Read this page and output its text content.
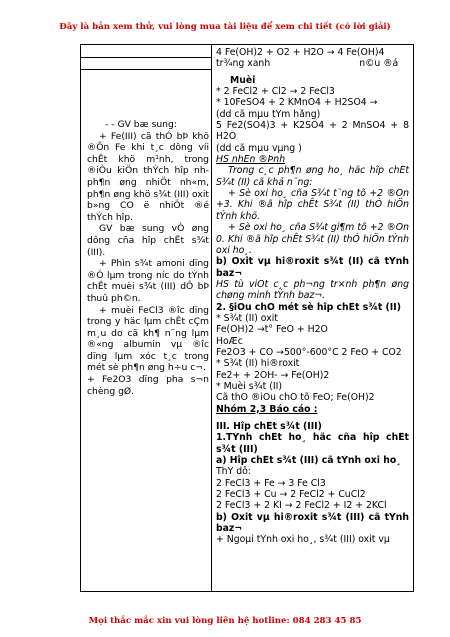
Đây là bản xem thử, vui lòng mua tài liệu để xem chi tiết (có lời giải)

- - GV bæ sung:

+ Fe(III) cã thÓ bÞ khö ®Õn Fe khi t¸c dông víi chÊt khö m¹nh, trong ®iÒu kiÖn thÝch hîp nh ph¶n øng nhiÖt nh«m, ph¶n øng khö s¾t (III) oxit b»ng CO ë nhiÖt ®é thÝch hîp.

GV bæ sung vÒ øng dông cña hîp chÊt s¾t (III).

+ Phìn s¾t amoni dïng ®Ó lµm trong níc do tÝnh chÊt muèi s¾t (III) dÔ bÞ thuû ph©n.

+ muèi FeCl3 ®îc dïng trong y häc lµm chÊt cÇm m¸u do cã kh¶ n¨ng lµm ®«ng albumin vµ ®îc dïng lµm xóc t¸c trong mét sè ph¶n øng h÷u c¬.

+ Fe2O3 dïng pha s¬n chèng gØ.

4 Fe(OH)2 + O2 + H2O → 4 Fe(OH)4
tr¾ng xanh	n©u ®á
Muèi
* 2 FeCl2 + Cl2 → 2 FeCl3
* 10FeSO4 + 2 KMnO4 + H2SO4 →
(dd cã mµu tÝm hång)
5 Fe2(SO4)3 + K2SO4 + 2 MnSO4 + 8 H2O
(dd cã mµu vµng )
HS nhËn ®Þnh
Trong c¸c ph¶n øng ho¸ häc hîp chÊt S¾t (II) cã khả n¨ng:
+ Sè oxi ho¸ cña S¾t t¨ng tõ +2 ®Õn +3. Khi ®ã hîp chÊt S¾t (II) thÓ hiÖn tÝnh khö.
+ Sè oxi ho¸ cña S¾t gi¶m tõ +2 ®Õn 0. Khi ®ã hîp chÊt S¾t (II) thÓ hiÖn tÝnh oxi ho¸.
b) Oxit vµ hi®roxit s¾t (II) cã tÝnh baz¬
HS tù viÕt c¸c ph¬ng tr×nh ph¶n øng chøng minh tÝnh baz¬.
2. §iÒu chÕ mét sè hîp chÊt s¾t (II)
* S¾t (II) oxit
Fe(OH)2 →t° FeO + H2O
HoÆc
Fe2O3 + CO →500°-600°C 2 FeO + CO2
* S¾t (II) hi®roxit
Fe2+ + 2OH- → Fe(OH)2
* Muèi s¾t (II)
Cã thÓ ®iÒu chÕ tõ FeO; Fe(OH)2
Nhóm 2,3 Báo cáo :
III. Hîp chÊt s¾t (III)
1.TÝnh chÊt ho¸ häc cña hîp chÊt s¾t (III)
a) Hîp chÊt s¾t (III) cã tÝnh oxi ho¸
ThÝ dô:
2 FeCl3 + Fe → 3 Fe Cl3
2 FeCl3 + Cu → 2 FeCl2 + CuCl2
2 FeCl3 + 2 KI → 2 FeCl2 + I2 + 2KCl
b) Oxit vµ hi®roxit s¾t (III) cã tÝnh baz¬
+ Ngoµi tÝnh oxi ho¸, s¾t (III) oxit vµ
Mọi thắc mắc xin vui lòng liên hệ hotline: 084 283 45 85
